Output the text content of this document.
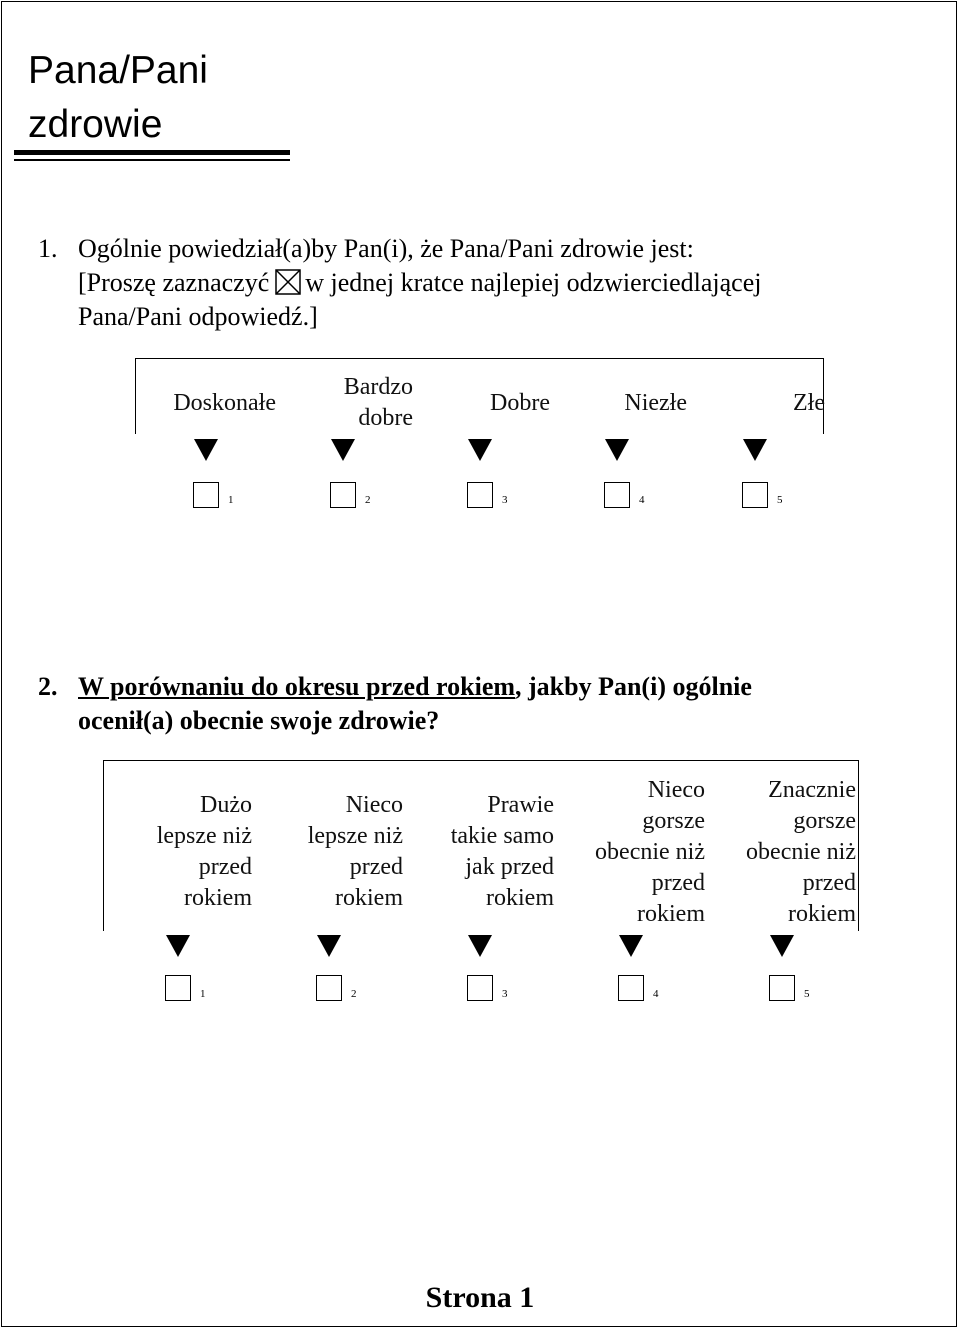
Pana/Pani
zdrowie
1. Ogólnie powiedział(a)by Pan(i), że Pana/Pani zdrowie jest:
[Proszę zaznaczyć ☒ w jednej kratce najlepiej odzwierciedlającej
Pana/Pani odpowiedź.]
Doskonałe
1
Bardzo
dobre
2
Dobre
3
Niezłe
4
Złe
5
2. W porównaniu do okresu przed rokiem, jakby Pan(i) ogólnie
ocenił(a) obecnie swoje zdrowie?
Dużo
lepsze niż
przed
rokiem
1
Nieco
lepsze niż
przed
rokiem
2
Prawie
takie samo
jak przed
rokiem
3
Nieco
gorsze
obecnie niż
przed
rokiem
4
Znacznie
gorsze
obecnie niż
przed
rokiem
5
Strona 1
